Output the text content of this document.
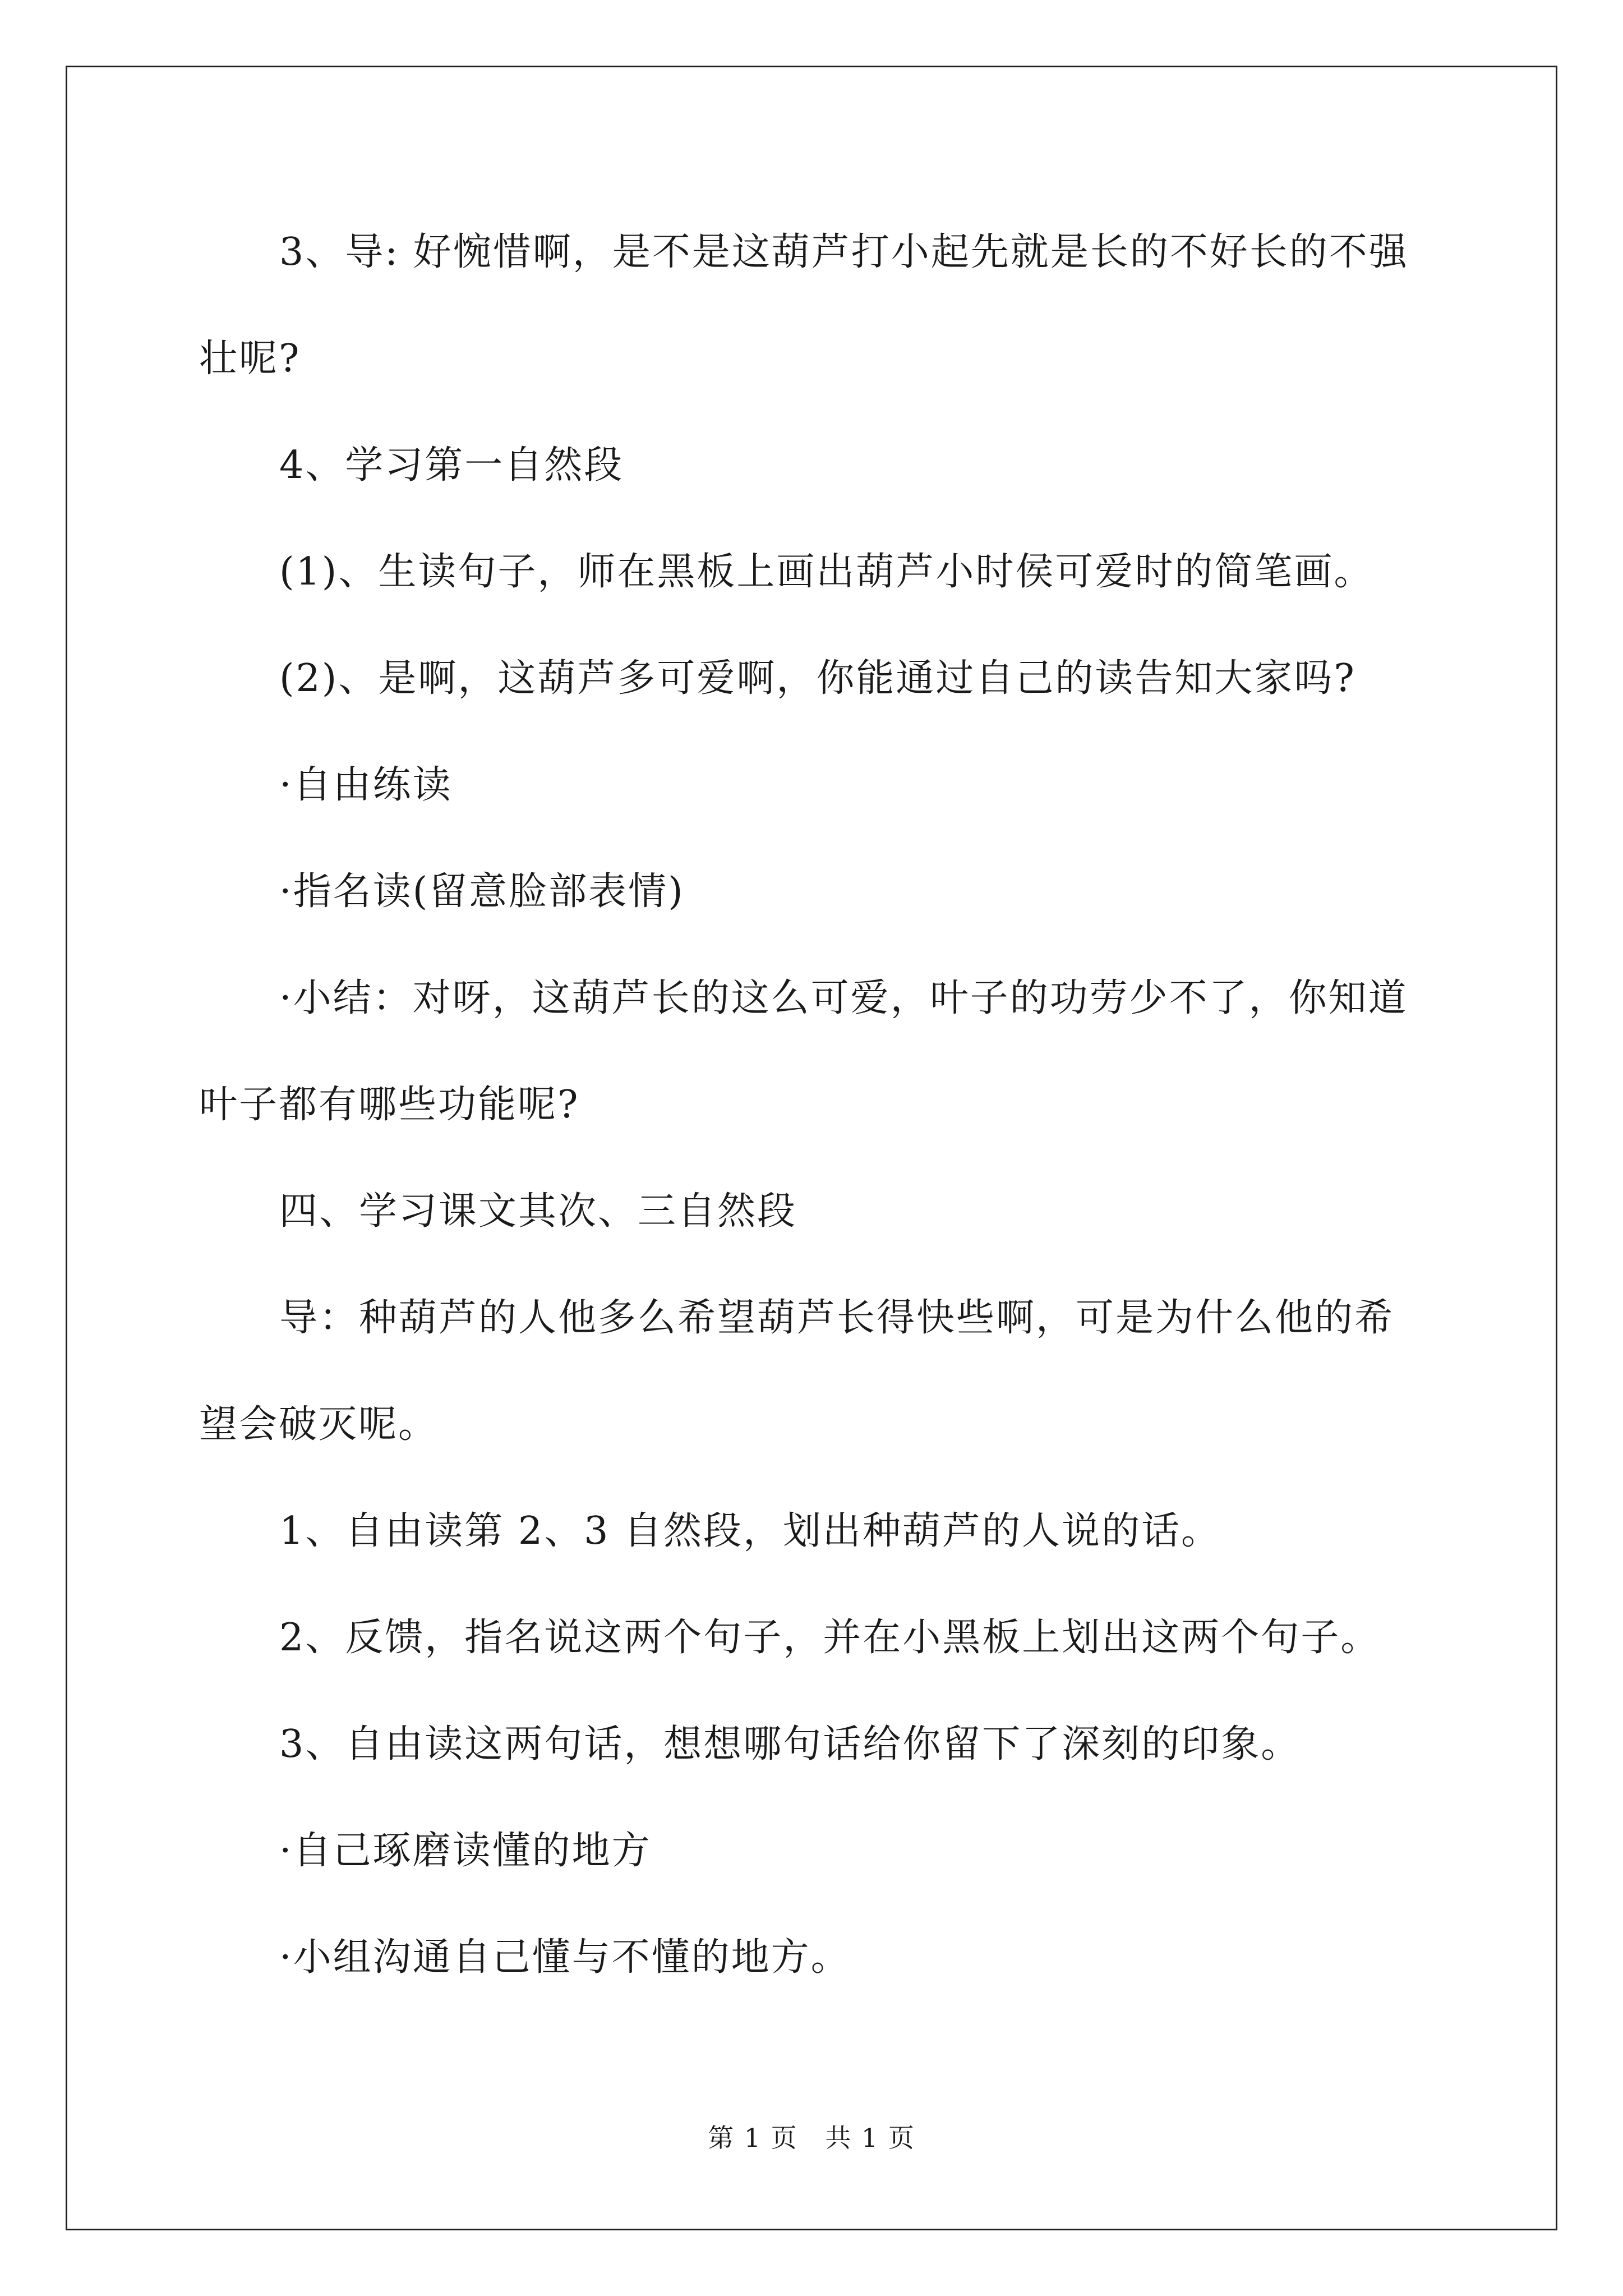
3、导: 好惋惜啊，是不是这葫芦打小起先就是长的不好长的不强壮呢?

4、学习第一自然段

(1)、生读句子，师在黑板上画出葫芦小时侯可爱时的简笔画。

(2)、是啊，这葫芦多可爱啊，你能通过自己的读告知大家吗?

·自由练读

·指名读(留意脸部表情)

·小结：对呀，这葫芦长的这么可爱，叶子的功劳少不了，你知道叶子都有哪些功能呢?

四、学习课文其次、三自然段

导：种葫芦的人他多么希望葫芦长得快些啊，可是为什么他的希望会破灭呢。

1、自由读第 2、3 自然段，划出种葫芦的人说的话。

2、反馈，指名说这两个句子，并在小黑板上划出这两个句子。

3、自由读这两句话，想想哪句话给你留下了深刻的印象。

·自己琢磨读懂的地方

·小组沟通自己懂与不懂的地方。

第 1 页 共 1 页
